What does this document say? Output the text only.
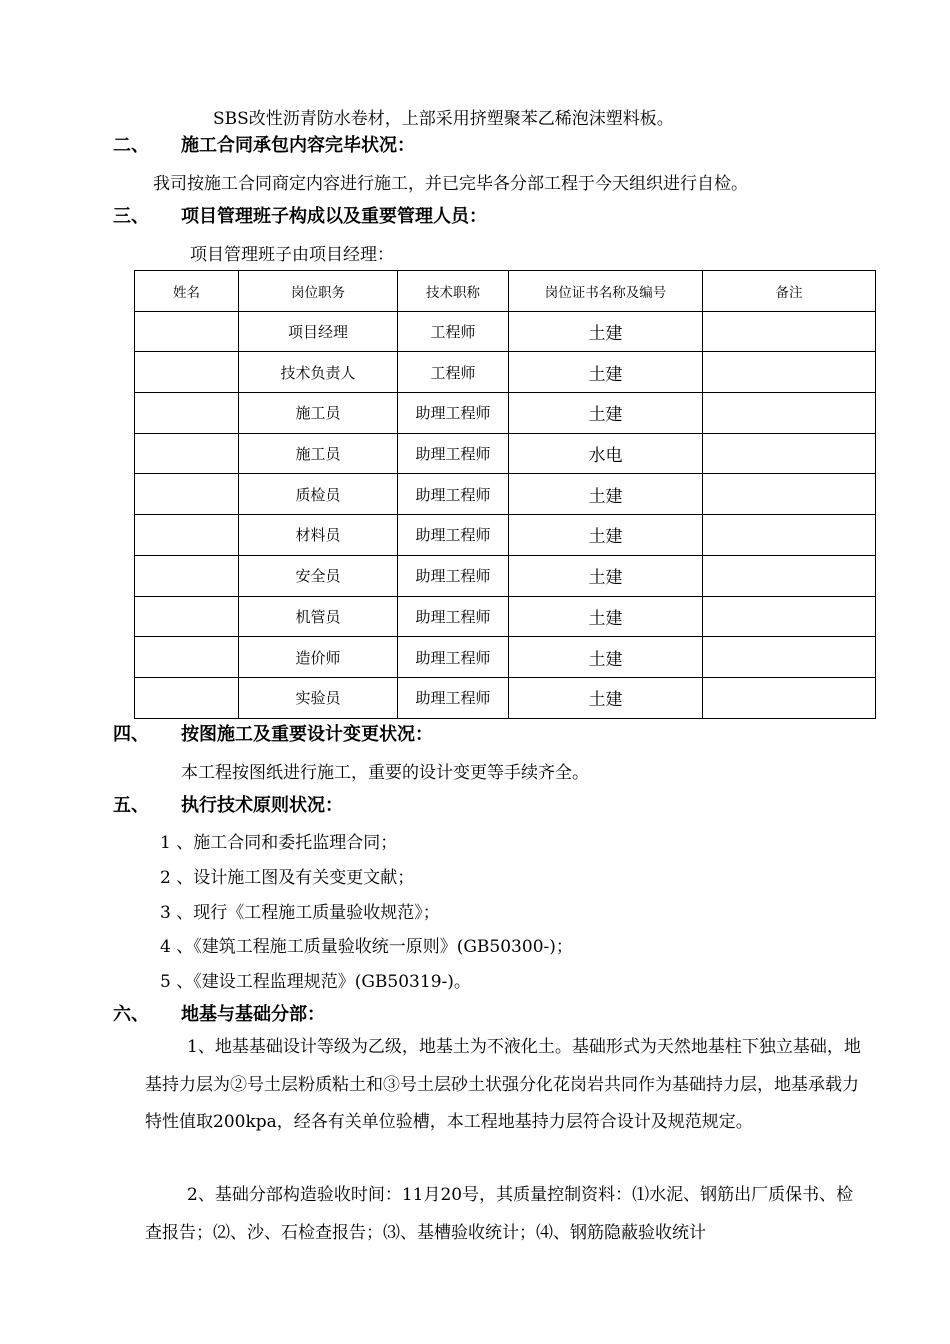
SBS改性沥青防水卷材，上部采用挤塑聚苯乙稀泡沫塑料板。
二、 施工合同承包内容完毕状况：
我司按施工合同商定内容进行施工，并已完毕各分部工程于今天组织进行自检。
三、 项目管理班子构成以及重要管理人员：
项目管理班子由项目经理：
姓名	岗位职务	技术职称	岗位证书名称及编号	备注
	项目经理	工程师	土建	
	技术负责人	工程师	土建	
	施工员	助理工程师	土建	
	施工员	助理工程师	水电	
	质检员	助理工程师	土建	
	材料员	助理工程师	土建	
	安全员	助理工程师	土建	
	机管员	助理工程师	土建	
	造价师	助理工程师	土建	
	实验员	助理工程师	土建	
四、 按图施工及重要设计变更状况：
本工程按图纸进行施工，重要的设计变更等手续齐全。
五、 执行技术原则状况：
1 、施工合同和委托监理合同；
2 、设计施工图及有关变更文献；
3 、现行《工程施工质量验收规范》；
4 、《建筑工程施工质量验收统一原则》(GB50300-)；
5 、《建设工程监理规范》(GB50319-)。
六、 地基与基础分部：
1、地基基础设计等级为乙级，地基土为不液化土。基础形式为天然地基柱下独立基础，地基持力层为②号土层粉质粘土和③号土层砂土状强分化花岗岩共同作为基础持力层，地基承载力特性值取200kpa，经各有关单位验槽，本工程地基持力层符合设计及规范规定。
2、基础分部构造验收时间：11月20号，其质量控制资料：⑴水泥、钢筋出厂质保书、检查报告；⑵、沙、石检查报告；⑶、基槽验收统计；⑷、钢筋隐蔽验收统计
